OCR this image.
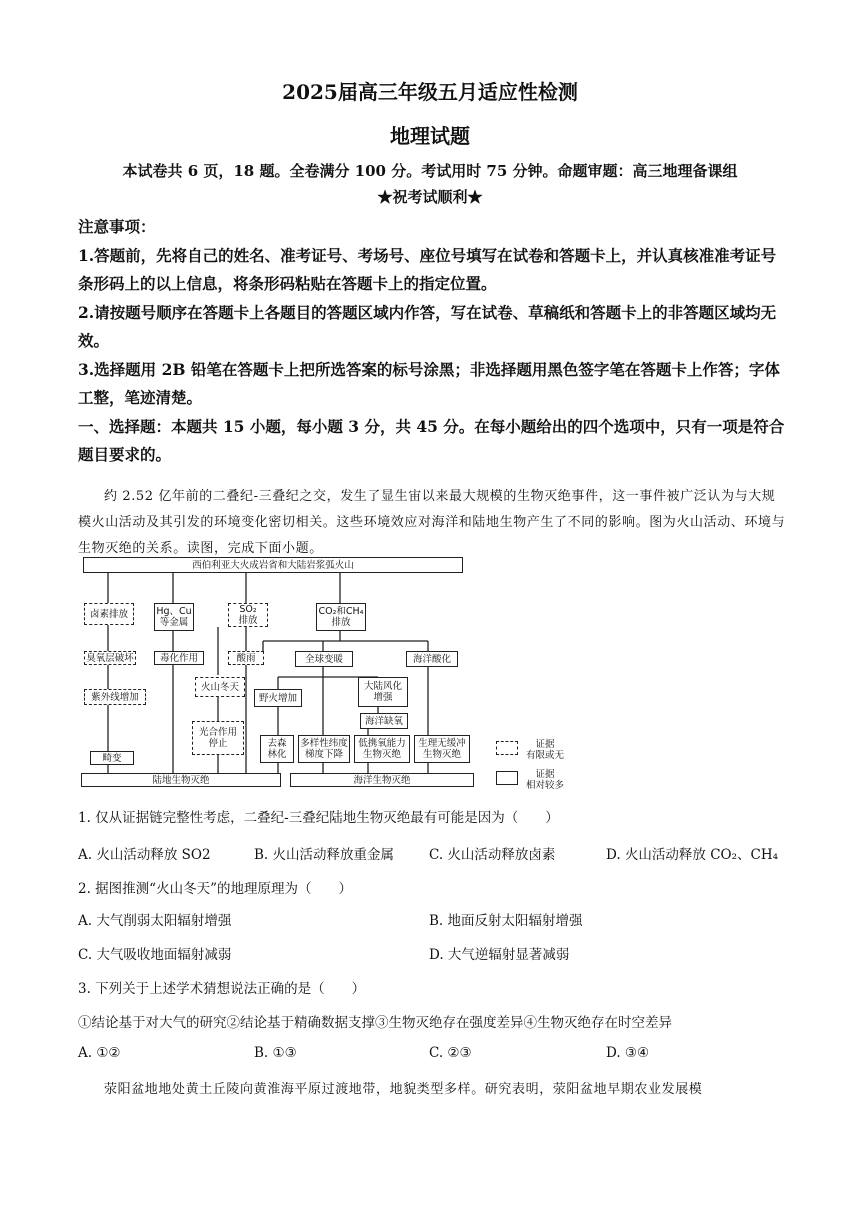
2025届高三年级五月适应性检测
地理试题
本试卷共 6 页，18 题。全卷满分 100 分。考试用时 75 分钟。命题审题：高三地理备课组
★祝考试顺利★

注意事项：

1.答题前，先将自己的姓名、准考证号、考场号、座位号填写在试卷和答题卡上，并认真核准准考证号条形码上的以上信息，将条形码粘贴在答题卡上的指定位置。

2.请按题号顺序在答题卡上各题目的答题区域内作答，写在试卷、草稿纸和答题卡上的非答题区域均无效。

3.选择题用 2B 铅笔在答题卡上把所选答案的标号涂黑；非选择题用黑色签字笔在答题卡上作答；字体工整，笔迹清楚。

一、选择题：本题共 15 小题，每小题 3 分，共 45 分。在每小题给出的四个选项中，只有一项是符合题目要求的。

约 2.52 亿年前的二叠纪-三叠纪之交，发生了显生宙以来最大规模的生物灭绝事件，这一事件被广泛认为与大规模火山活动及其引发的环境变化密切相关。这些环境效应对海洋和陆地生物产生了不同的影响。图为火山活动、环境与生物灭绝的关系。读图，完成下面小题。

西伯利亚大火成岩省和大陆岩浆弧火山
卤素排放	Hg、Cu
等金属
SO₂
排放
CO₂和CH₄
排放
臭氧层破坏	毒化作用	酸雨	全球变暖	海洋酸化
火山冬天
紫外线增加	野火增加
大陆风化
增强
海洋缺氧
光合作用
停止	去森
林化
多样性纬度
梯度下降
低携氧能力
生物灭绝
生理无缓冲
生物灭绝
畸变
陆地生物灭绝	海洋生物灭绝
证据
有限或无
证据
相对较多
1. 仅从证据链完整性考虑，二叠纪-三叠纪陆地生物灭绝最有可能是因为（　　）
A. 火山活动释放 SO2	B. 火山活动释放重金属	C. 火山活动释放卤素	D. 火山活动释放 CO₂、CH₄
2. 据图推测“火山冬天”的地理原理为（　　）
A. 大气削弱太阳辐射增强	B. 地面反射太阳辐射增强
C. 大气吸收地面辐射减弱	D. 大气逆辐射显著减弱
3. 下列关于上述学术猜想说法正确的是（　　）
①结论基于对大气的研究②结论基于精确数据支撑③生物灭绝存在强度差异④生物灭绝存在时空差异
A. ①②	B. ①③	C. ②③	D. ③④
荥阳盆地地处黄土丘陵向黄淮海平原过渡地带，地貌类型多样。研究表明，荥阳盆地早期农业发展模
